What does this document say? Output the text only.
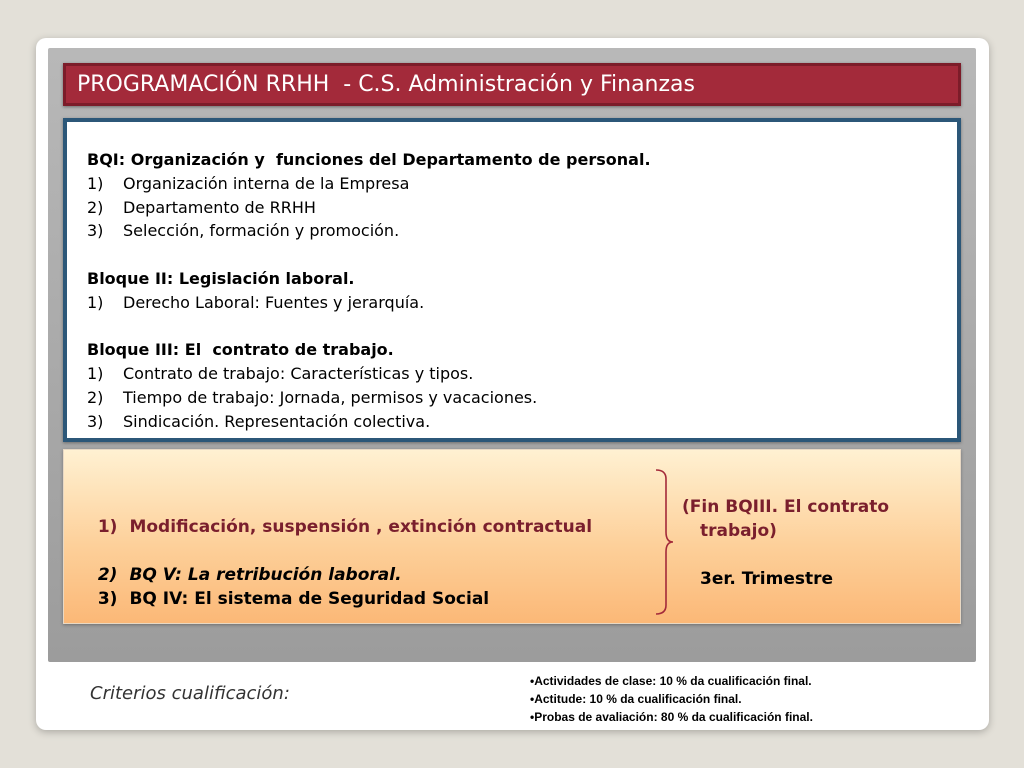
PROGRAMACIÓN RRHH  - C.S. Administración y Finanzas
BQI: Organización y  funciones del Departamento de personal.
1)	Organización interna de la Empresa
2)	Departamento de RRHH
3)	Selección, formación y promoción.
Bloque II: Legislación laboral.
1)	Derecho Laboral: Fuentes y jerarquía.
Bloque III: El  contrato de trabajo.
1)	Contrato de trabajo: Características y tipos.
2)	Tiempo de trabajo: Jornada, permisos y vacaciones.
3)	Sindicación. Representación colectiva.

1) Modificación, suspensión , extinción contractual

2) BQ V: La retribución laboral.

3) BQ IV: El sistema de Seguridad Social

(Fin BQIII. El contrato
trabajo)
3er. Trimestre
Criterios cualificación:
•Actividades de clase: 10 % da cualificación final.
•Actitude: 10 % da cualificación final.
•Probas de avaliación: 80 % da cualificación final.
